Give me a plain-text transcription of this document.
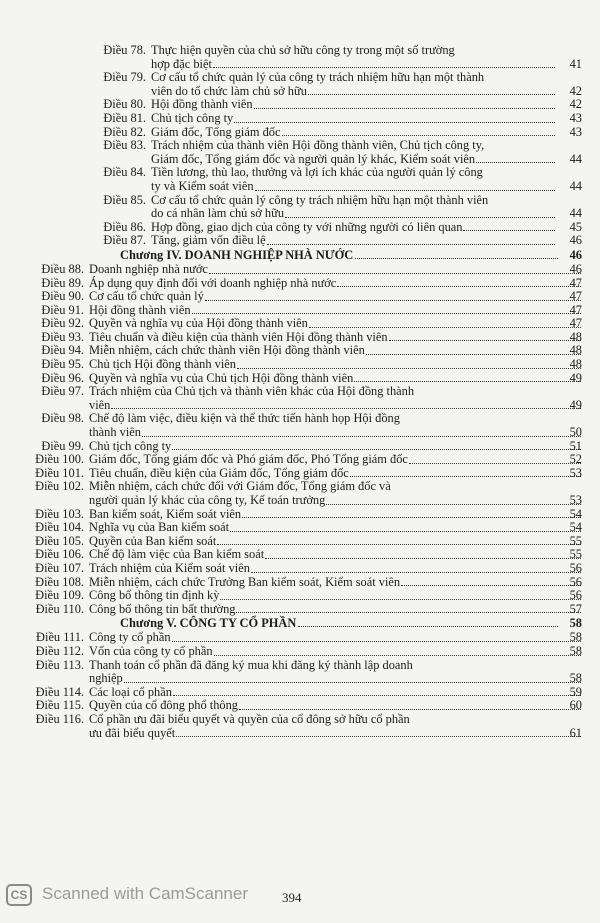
Điều 78. Thực hiện quyền của chủ sở hữu công ty trong một số trường
hợp đặc biệt	41
Điều 79. Cơ cấu tổ chức quản lý của công ty trách nhiệm hữu hạn một thành
viên do tổ chức làm chủ sở hữu	42
Điều 80. Hội đồng thành viên	42
Điều 81. Chủ tịch công ty	43
Điều 82. Giám đốc, Tổng giám đốc	43
Điều 83. Trách nhiệm của thành viên Hội đồng thành viên, Chủ tịch công ty,
Giám đốc, Tổng giám đốc và người quản lý khác, Kiểm soát viên	44
Điều 84. Tiền lương, thù lao, thưởng và lợi ích khác của người quản lý công
ty và Kiểm soát viên	44
Điều 85. Cơ cấu tổ chức quản lý công ty trách nhiệm hữu hạn một thành viên
do cá nhân làm chủ sở hữu	44
Điều 86. Hợp đồng, giao dịch của công ty với những người có liên quan	45
Điều 87. Tăng, giảm vốn điều lệ	46
Chương IV. DOANH NGHIỆP NHÀ NƯỚC	46
Điều 88. Doanh nghiệp nhà nước	46
Điều 89. Áp dụng quy định đối với doanh nghiệp nhà nước	47
Điều 90. Cơ cấu tổ chức quản lý	47
Điều 91. Hội đồng thành viên	47
Điều 92. Quyền và nghĩa vụ của Hội đồng thành viên	47
Điều 93. Tiêu chuẩn và điều kiện của thành viên Hội đồng thành viên	48
Điều 94. Miễn nhiệm, cách chức thành viên Hội đồng thành viên	48
Điều 95. Chủ tịch Hội đồng thành viên	48
Điều 96. Quyền và nghĩa vụ của Chủ tịch Hội đồng thành viên	49
Điều 97. Trách nhiệm của Chủ tịch và thành viên khác của Hội đồng thành
viên	49
Điều 98. Chế độ làm việc, điều kiện và thể thức tiến hành họp Hội đồng
thành viên	50
Điều 99. Chủ tịch công ty	51
Điều 100. Giám đốc, Tổng giám đốc và Phó giám đốc, Phó Tổng giám đốc	52
Điều 101. Tiêu chuẩn, điều kiện của Giám đốc, Tổng giám đốc	53
Điều 102. Miễn nhiệm, cách chức đối với Giám đốc, Tổng giám đốc và
người quản lý khác của công ty, Kế toán trưởng	53
Điều 103. Ban kiểm soát, Kiểm soát viên	54
Điều 104. Nghĩa vụ của Ban kiểm soát	54
Điều 105. Quyền của Ban kiểm soát	55
Điều 106. Chế độ làm việc của Ban kiểm soát	55
Điều 107. Trách nhiệm của Kiểm soát viên	56
Điều 108. Miễn nhiệm, cách chức Trưởng Ban kiểm soát, Kiểm soát viên	56
Điều 109. Công bố thông tin định kỳ	56
Điều 110. Công bố thông tin bất thường	57
Chương V. CÔNG TY CỔ PHẦN	58
Điều 111. Công ty cổ phần	58
Điều 112. Vốn của công ty cổ phần	58
Điều 113. Thanh toán cổ phần đã đăng ký mua khi đăng ký thành lập doanh
nghiệp	58
Điều 114. Các loại cổ phần	59
Điều 115. Quyền của cổ đông phổ thông	60
Điều 116. Cổ phần ưu đãi biểu quyết và quyền của cổ đông sở hữu cổ phần
ưu đãi biểu quyết	61
CS Scanned with CamScanner	394
